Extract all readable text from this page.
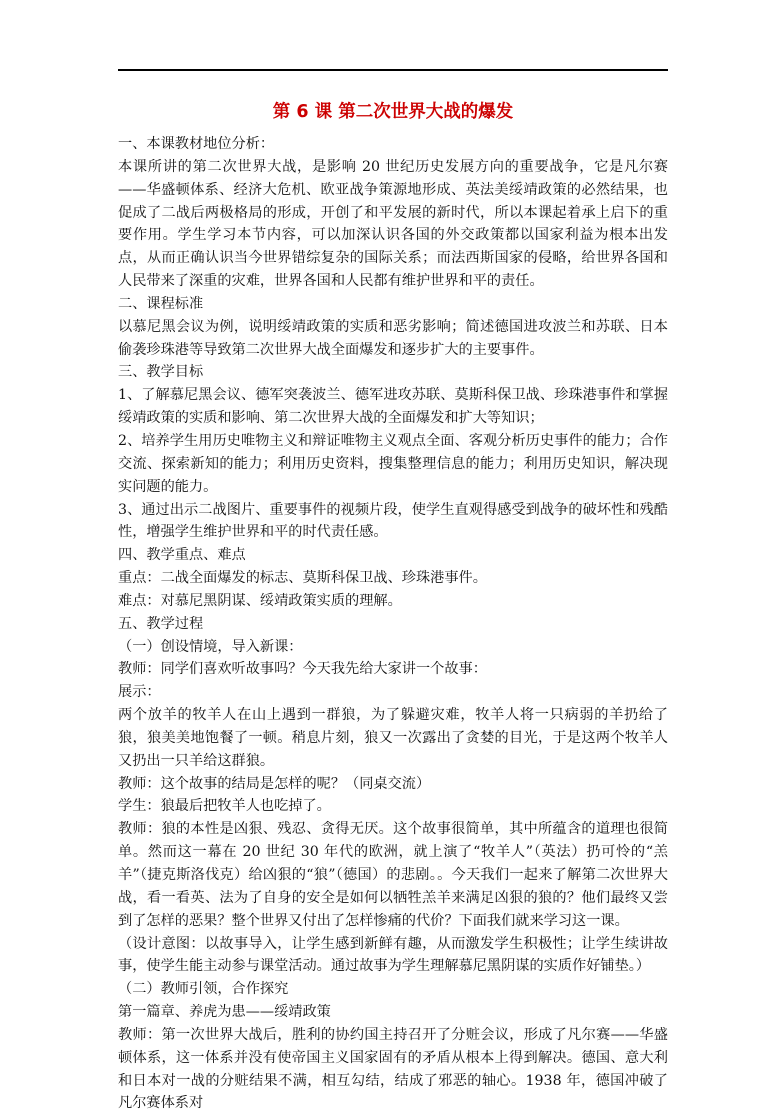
第 6 课 第二次世界大战的爆发

一、本课教材地位分析：

本课所讲的第二次世界大战，是影响 20 世纪历史发展方向的重要战争，它是凡尔赛——华盛顿体系、经济大危机、欧亚战争策源地形成、英法美绥靖政策的必然结果，也促成了二战后两极格局的形成，开创了和平发展的新时代，所以本课起着承上启下的重要作用。学生学习本节内容，可以加深认识各国的外交政策都以国家利益为根本出发点，从而正确认识当今世界错综复杂的国际关系；而法西斯国家的侵略，给世界各国和人民带来了深重的灾难，世界各国和人民都有维护世界和平的责任。

二、课程标准

以慕尼黑会议为例，说明绥靖政策的实质和恶劣影响；简述德国进攻波兰和苏联、日本偷袭珍珠港等导致第二次世界大战全面爆发和逐步扩大的主要事件。

三、教学目标

1、了解慕尼黑会议、德军突袭波兰、德军进攻苏联、莫斯科保卫战、珍珠港事件和掌握绥靖政策的实质和影响、第二次世界大战的全面爆发和扩大等知识；

2、培养学生用历史唯物主义和辩证唯物主义观点全面、客观分析历史事件的能力；合作交流、探索新知的能力；利用历史资料，搜集整理信息的能力；利用历史知识，解决现实问题的能力。

3、通过出示二战图片、重要事件的视频片段，使学生直观得感受到战争的破坏性和残酷性，增强学生维护世界和平的时代责任感。

四、教学重点、难点

重点：二战全面爆发的标志、莫斯科保卫战、珍珠港事件。

难点：对慕尼黑阴谋、绥靖政策实质的理解。

五、教学过程

（一）创设情境，导入新课：

教师：同学们喜欢听故事吗？今天我先给大家讲一个故事：

展示：

两个放羊的牧羊人在山上遇到一群狼，为了躲避灾难，牧羊人将一只病弱的羊扔给了狼，狼美美地饱餐了一顿。稍息片刻，狼又一次露出了贪婪的目光，于是这两个牧羊人又扔出一只羊给这群狼。

教师：这个故事的结局是怎样的呢？（同桌交流）

学生：狼最后把牧羊人也吃掉了。

教师：狼的本性是凶狠、残忍、贪得无厌。这个故事很简单，其中所蕴含的道理也很简单。然而这一幕在 20 世纪 30 年代的欧洲，就上演了“牧羊人”（英法）扔可怜的“羔羊”（捷克斯洛伐克）给凶狠的“狼”（德国）的悲剧。。今天我们一起来了解第二次世界大战，看一看英、法为了自身的安全是如何以牺牲羔羊来满足凶狠的狼的？他们最终又尝到了怎样的恶果？整个世界又付出了怎样惨痛的代价？下面我们就来学习这一课。

（设计意图：以故事导入，让学生感到新鲜有趣，从而激发学生积极性；让学生续讲故事，使学生能主动参与课堂活动。通过故事为学生理解慕尼黑阴谋的实质作好铺垫。）

（二）教师引领，合作探究

第一篇章、养虎为患——绥靖政策

教师：第一次世界大战后，胜利的协约国主持召开了分赃会议，形成了凡尔赛——华盛顿体系，这一体系并没有使帝国主义国家固有的矛盾从根本上得到解决。德国、意大利和日本对一战的分赃结果不满，相互勾结，结成了邪恶的轴心。1938 年，德国冲破了凡尔赛体系对
